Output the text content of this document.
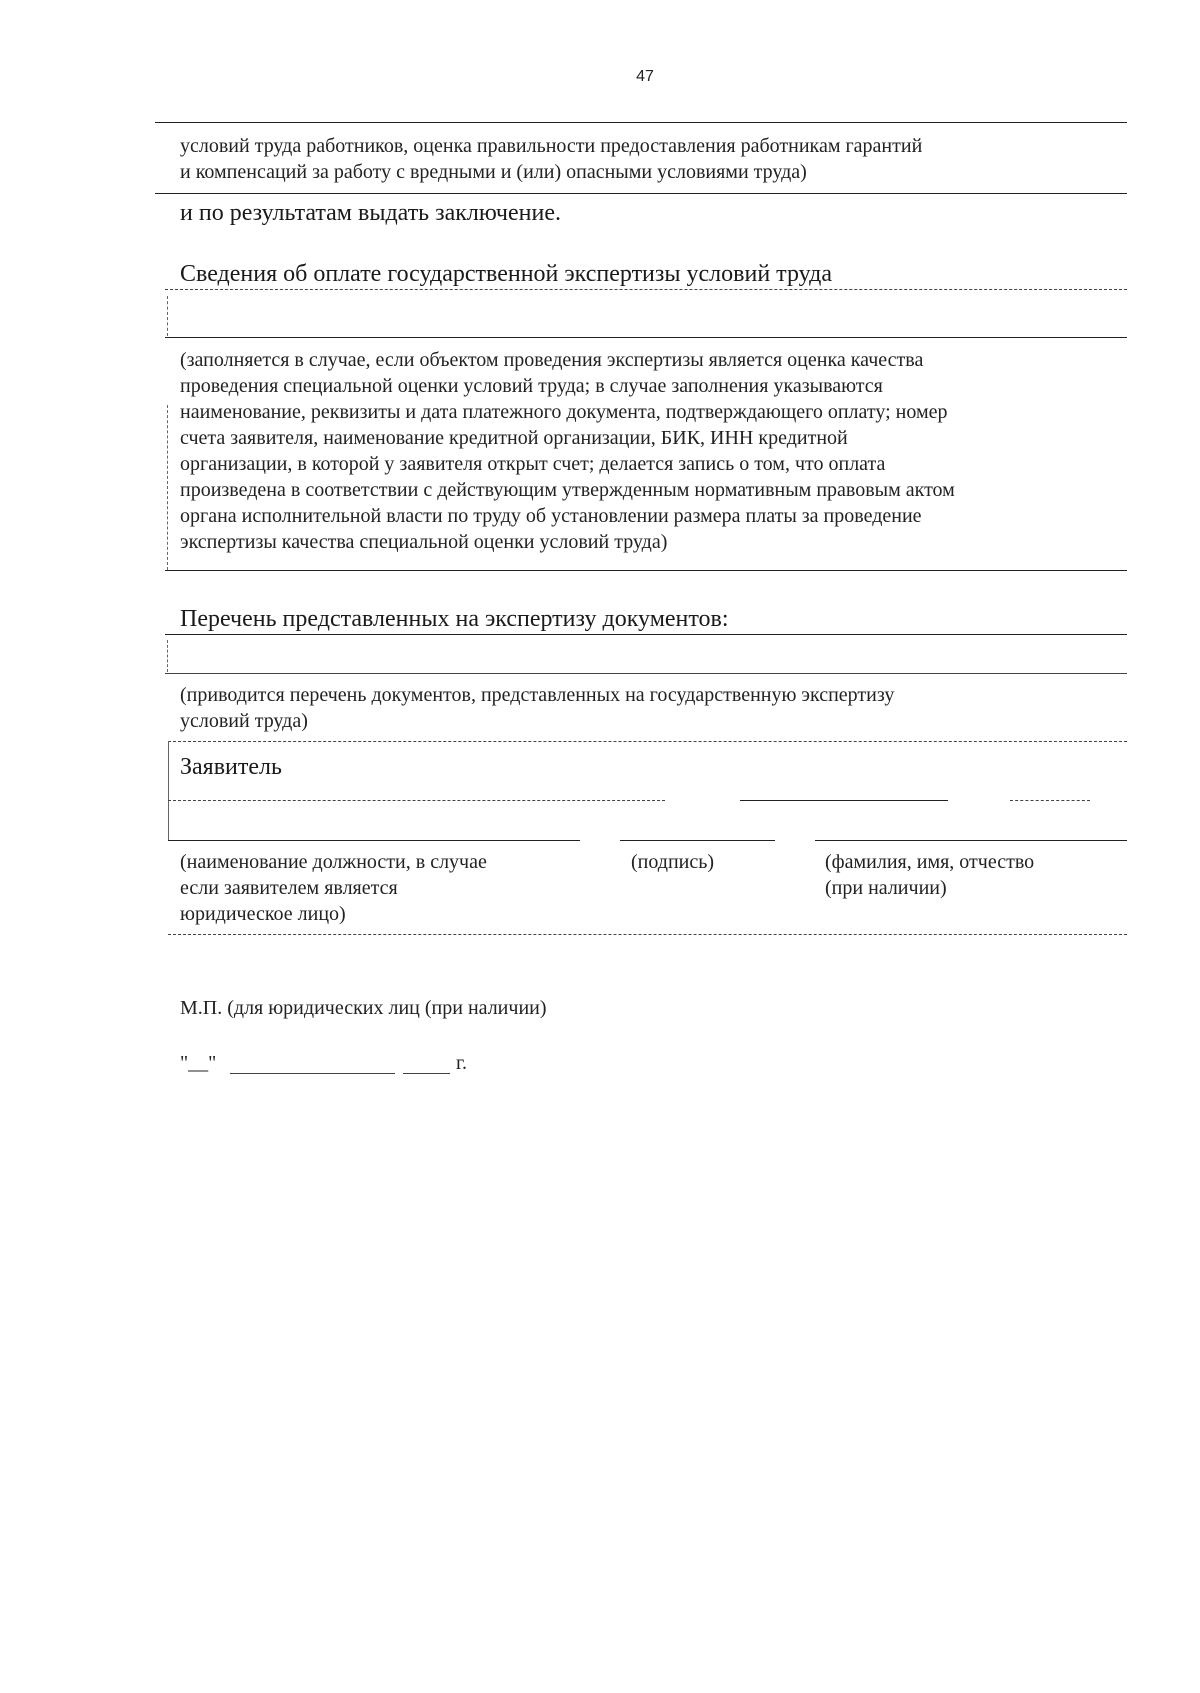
47
условий труда работников, оценка правильности предоставления работникам гарантий
и компенсаций за работу с вредными и (или) опасными условиями труда)
и по результатам выдать заключение.
Сведения об оплате государственной экспертизы условий труда
(заполняется в случае, если объектом проведения экспертизы является оценка качества
проведения специальной оценки условий труда; в случае заполнения указываются
наименование, реквизиты и дата платежного документа, подтверждающего оплату; номер
счета заявителя, наименование кредитной организации, БИК, ИНН кредитной
организации, в которой у заявителя открыт счет; делается запись о том, что оплата
произведена в соответствии с действующим утвержденным нормативным правовым актом
органа исполнительной власти по труду об установлении размера платы за проведение
экспертизы качества специальной оценки условий труда)
Перечень представленных на экспертизу документов:
(приводится перечень документов, представленных на государственную экспертизу
условий труда)
Заявитель
(наименование должности, в случае
если заявителем является
юридическое лицо)
(подпись)	(фамилия, имя, отчество
(при наличии)
М.П. (для юридических лиц (при наличии)
"__"	г.
